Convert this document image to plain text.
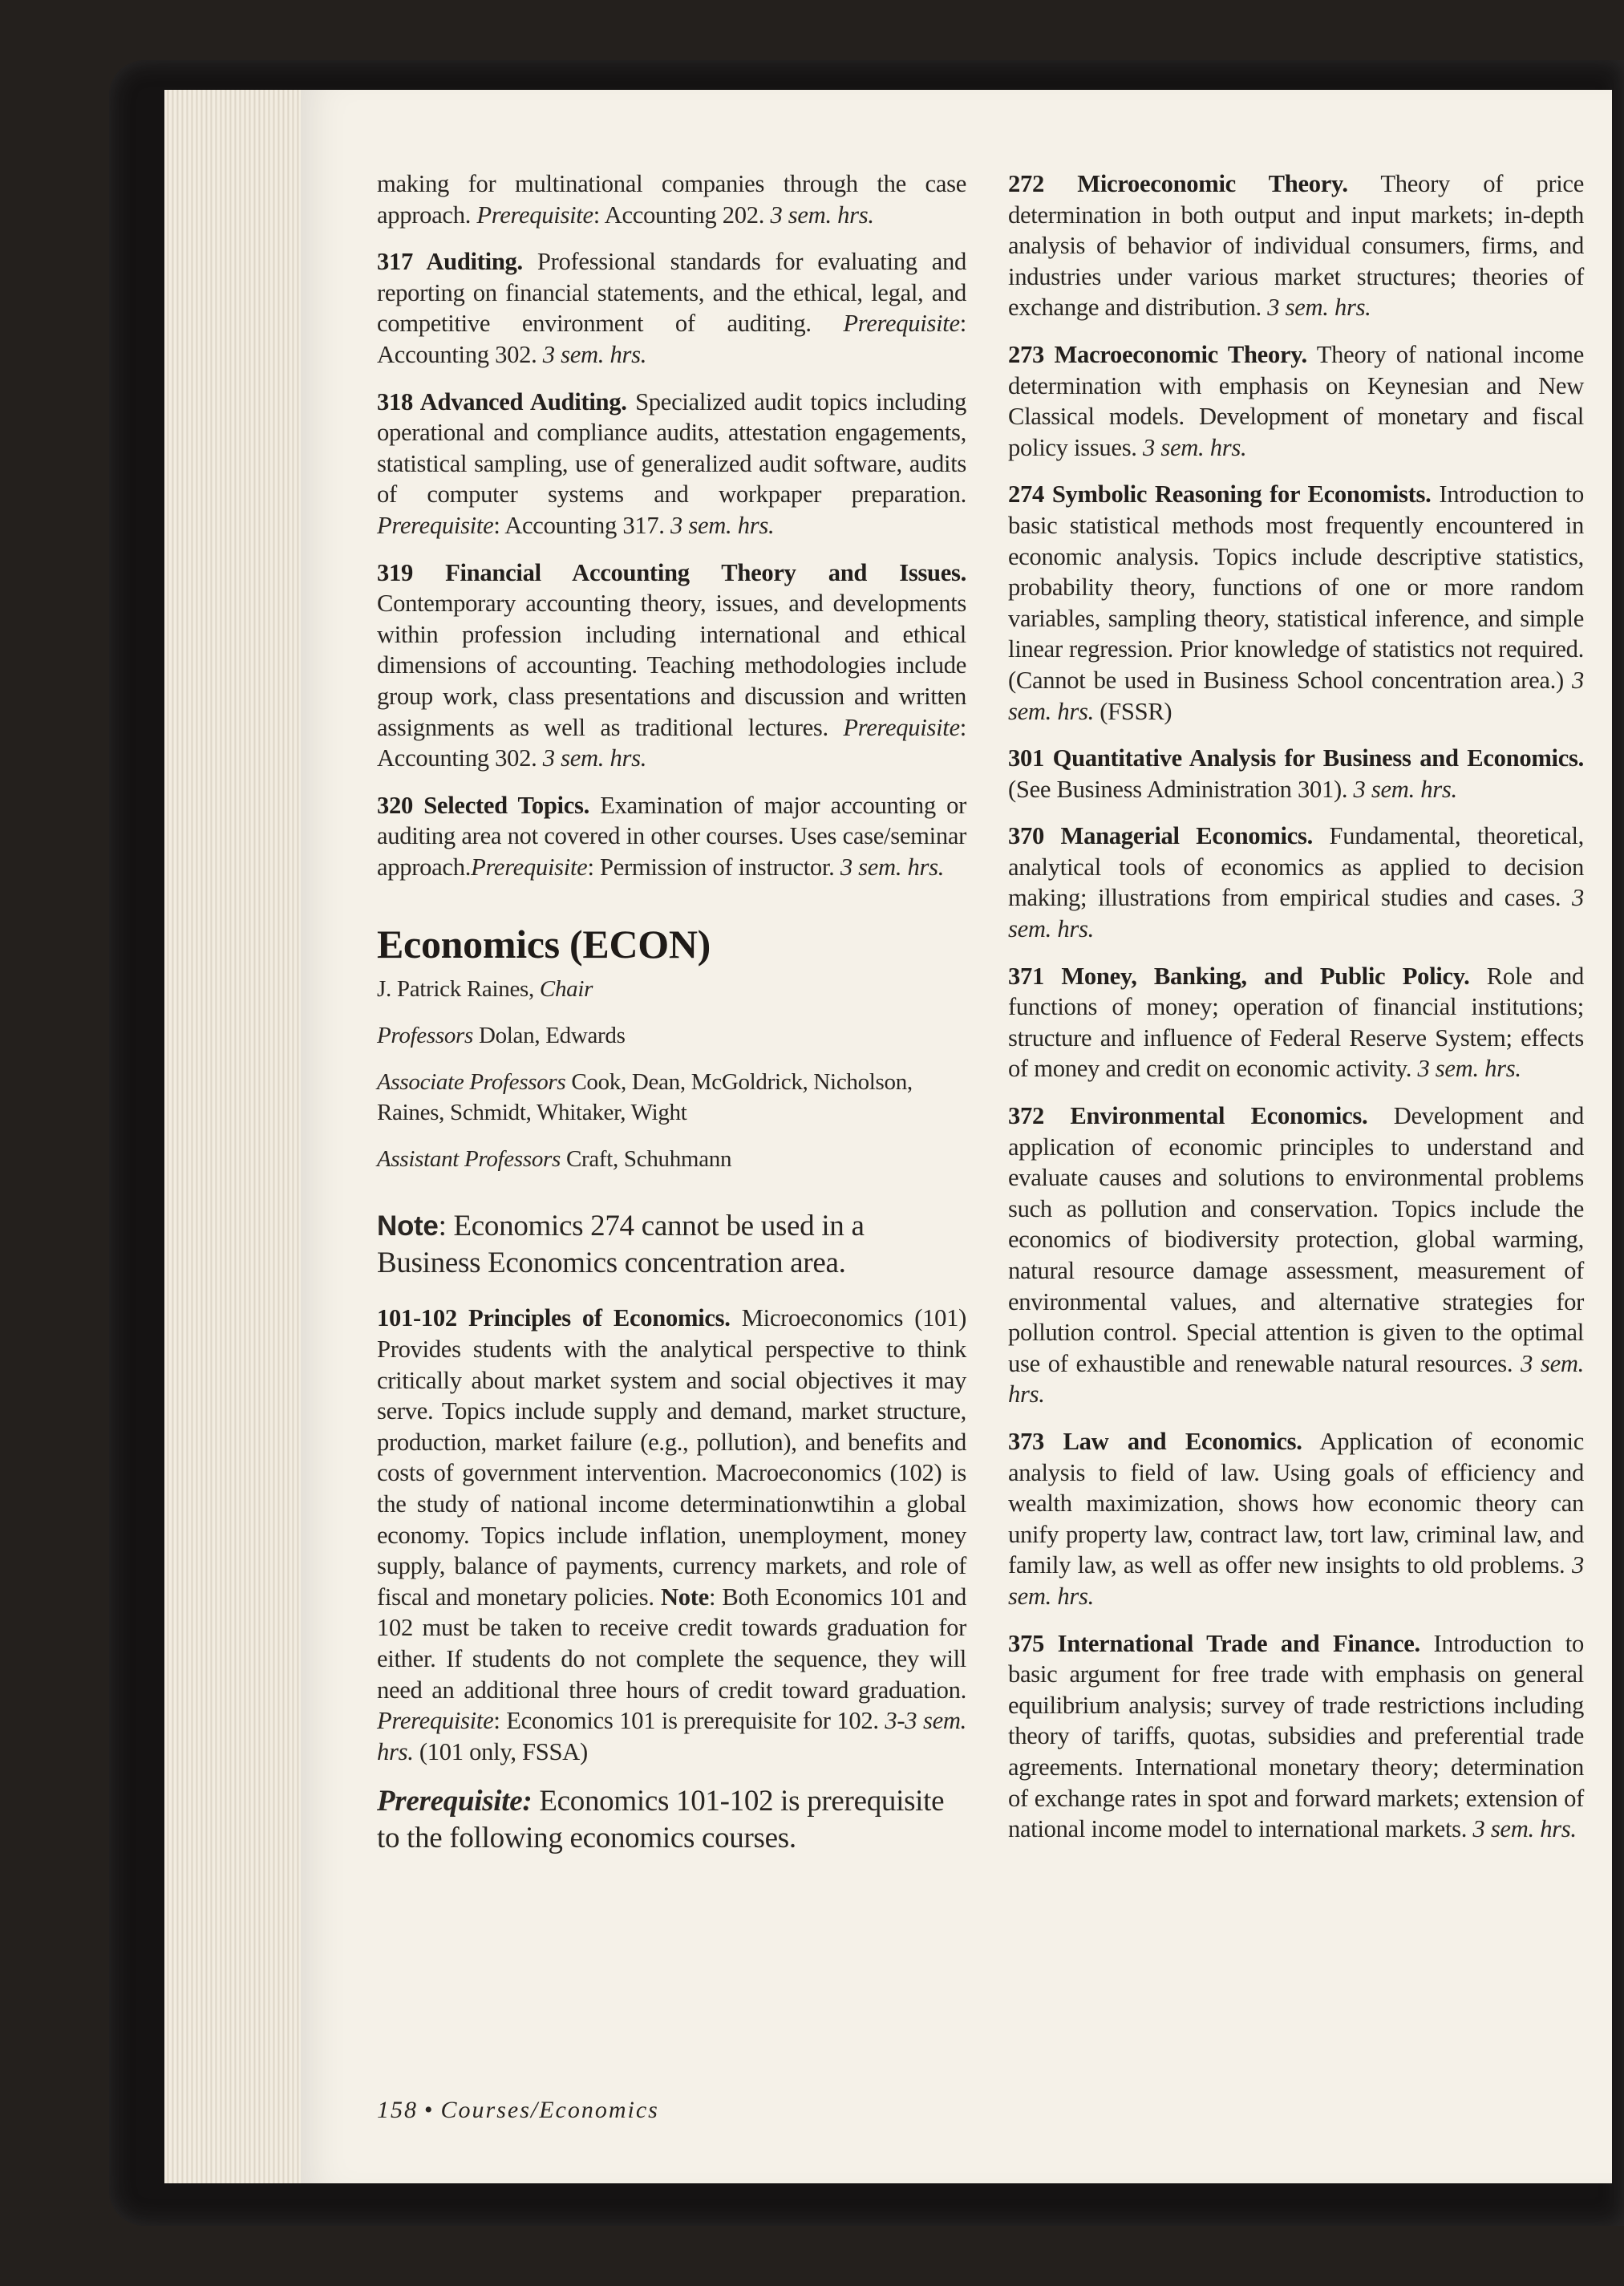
making for multinational companies through the case approach. Prerequisite: Accounting 202. 3 sem. hrs.

317 Auditing. Professional standards for evaluating and reporting on financial statements, and the ethical, legal, and competitive environment of auditing. Prerequisite: Accounting 302. 3 sem. hrs.

318 Advanced Auditing. Specialized audit topics including operational and compliance audits, attestation engagements, statistical sampling, use of generalized audit software, audits of computer systems and workpaper preparation. Prerequisite: Accounting 317. 3 sem. hrs.

319 Financial Accounting Theory and Issues. Contemporary accounting theory, issues, and developments within profession including international and ethical dimensions of accounting. Teaching methodologies include group work, class presentations and discussion and written assignments as well as traditional lectures. Prerequisite: Accounting 302. 3 sem. hrs.

320 Selected Topics. Examination of major accounting or auditing area not covered in other courses. Uses case/seminar approach.Prerequisite: Permission of instructor. 3 sem. hrs.

Economics (ECON)

J. Patrick Raines, Chair

Professors Dolan, Edwards

Associate Professors Cook, Dean, McGoldrick, Nicholson, Raines, Schmidt, Whitaker, Wight

Assistant Professors Craft, Schuhmann

Note: Economics 274 cannot be used in a Business Economics concentration area.

101-102 Principles of Economics. Microeconomics (101) Provides students with the analytical perspective to think critically about market system and social objectives it may serve. Topics include supply and demand, market structure, production, market failure (e.g., pollution), and benefits and costs of government intervention. Macroeconomics (102) is the study of national income determinationwtihin a global economy. Topics include inflation, unemployment, money supply, balance of payments, currency markets, and role of fiscal and monetary policies. Note: Both Economics 101 and 102 must be taken to receive credit towards graduation for either. If students do not complete the sequence, they will need an additional three hours of credit toward graduation. Prerequisite: Economics 101 is prerequisite for 102. 3-3 sem. hrs. (101 only, FSSA)

Prerequisite: Economics 101-102 is prerequisite to the following economics courses.

272 Microeconomic Theory. Theory of price determination in both output and input markets; in-depth analysis of behavior of individual consumers, firms, and industries under various market structures; theories of exchange and distribution. 3 sem. hrs.

273 Macroeconomic Theory. Theory of national income determination with emphasis on Keynesian and New Classical models. Development of monetary and fiscal policy issues. 3 sem. hrs.

274 Symbolic Reasoning for Economists. Introduction to basic statistical methods most frequently encountered in economic analysis. Topics include descriptive statistics, probability theory, functions of one or more random variables, sampling theory, statistical inference, and simple linear regression. Prior knowledge of statistics not required. (Cannot be used in Business School concentration area.) 3 sem. hrs. (FSSR)

301 Quantitative Analysis for Business and Economics. (See Business Administration 301). 3 sem. hrs.

370 Managerial Economics. Fundamental, theoretical, analytical tools of economics as applied to decision making; illustrations from empirical studies and cases. 3 sem. hrs.

371 Money, Banking, and Public Policy. Role and functions of money; operation of financial institutions; structure and influence of Federal Reserve System; effects of money and credit on economic activity. 3 sem. hrs.

372 Environmental Economics. Development and application of economic principles to understand and evaluate causes and solutions to environmental problems such as pollution and conservation. Topics include the economics of biodiversity protection, global warming, natural resource damage assessment, measurement of environmental values, and alternative strategies for pollution control. Special attention is given to the optimal use of exhaustible and renewable natural resources. 3 sem. hrs.

373 Law and Economics. Application of economic analysis to field of law. Using goals of efficiency and wealth maximization, shows how economic theory can unify property law, contract law, tort law, criminal law, and family law, as well as offer new insights to old problems. 3 sem. hrs.

375 International Trade and Finance. Introduction to basic argument for free trade with emphasis on general equilibrium analysis; survey of trade restrictions including theory of tariffs, quotas, subsidies and preferential trade agreements. International monetary theory; determination of exchange rates in spot and forward markets; extension of national income model to international markets. 3 sem. hrs.

158 • Courses/Economics
